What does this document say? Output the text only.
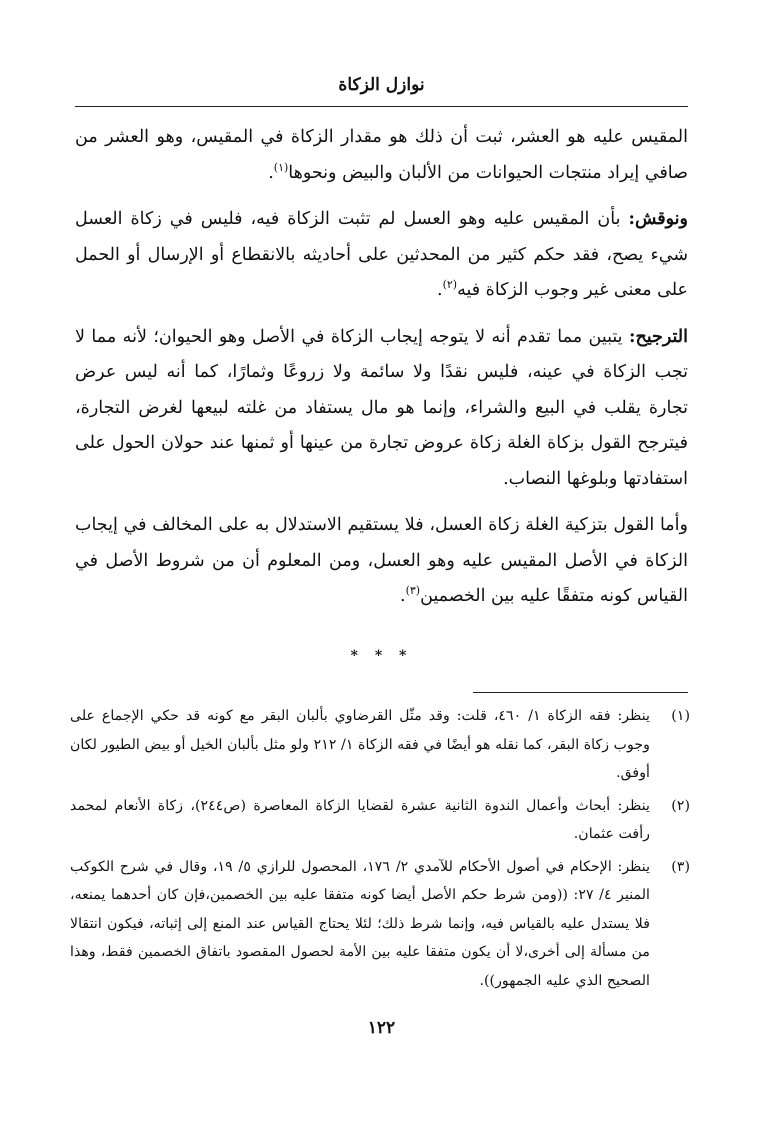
نوازل الزكاة

المقيس عليه هو العشر، ثبت أن ذلك هو مقدار الزكاة في المقيس، وهو العشر من صافي إيراد منتجات الحيوانات من الألبان والبيض ونحوها$^{(١)}$.

ونوقش: بأن المقيس عليه وهو العسل لم تثبت الزكاة فيه، فليس في زكاة العسل شيء يصح، فقد حكم كثير من المحدثين على أحاديثه بالانقطاع أو الإرسال أو الحمل على معنى غير وجوب الزكاة فيه$^{(٢)}$.

الترجيح: يتبين مما تقدم أنه لا يتوجه إيجاب الزكاة في الأصل وهو الحيوان؛ لأنه مما لا تجب الزكاة في عينه، فليس نقدًا ولا سائمة ولا زروعًا وثمارًا، كما أنه ليس عرض تجارة يقلب في البيع والشراء، وإنما هو مال يستفاد من غلته لبيعها لغرض التجارة، فيترجح القول بزكاة الغلة زكاة عروض تجارة من عينها أو ثمنها عند حولان الحول على استفادتها وبلوغها النصاب.

وأما القول بتزكية الغلة زكاة العسل، فلا يستقيم الاستدلال به على المخالف في إيجاب الزكاة في الأصل المقيس عليه وهو العسل، ومن المعلوم أن من شروط الأصل في القياس كونه متفقًا عليه بين الخصمين$^{(٣)}$.

* * *
(١)
ينظر: فقه الزكاة ١/ ٤٦٠، قلت: وقد مثّل القرضاوي بألبان البقر مع كونه قد حكي الإجماع على وجوب زكاة البقر، كما نقله هو أيضًا في فقه الزكاة ١/ ٢١٢ ولو مثل بألبان الخيل أو بيض الطيور لكان أوفق.
(٢)
ينظر: أبحاث وأعمال الندوة الثانية عشرة لقضايا الزكاة المعاصرة (ص٢٤٤)، زكاة الأنعام لمحمد رأفت عثمان.
(٣)
ينظر: الإحكام في أصول الأحكام للآمدي ٢/ ١٧٦، المحصول للرازي ٥/ ١٩، وقال في شرح الكوكب المنير ٤/ ٢٧: ((ومن شرط حكم الأصل أيضا كونه متفقا عليه بين الخصمين،فإن كان أحدهما يمنعه، فلا يستدل عليه بالقياس فيه، وإنما شرط ذلك؛ لئلا يحتاج القياس عند المنع إلى إثباته، فيكون انتقالا من مسألة إلى أخرى،لا أن يكون متفقا عليه بين الأمة لحصول المقصود باتفاق الخصمين فقط، وهذا الصحيح الذي عليه الجمهور)).
١٢٢
